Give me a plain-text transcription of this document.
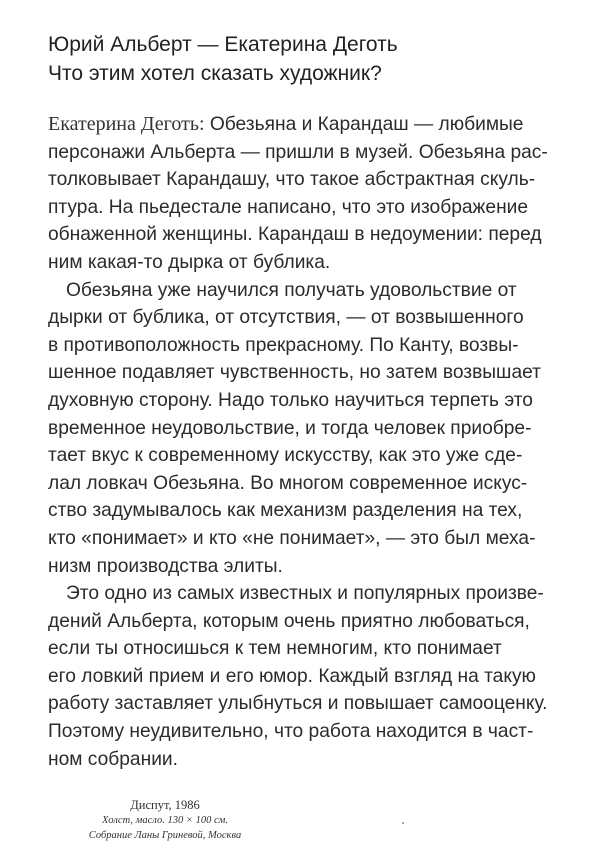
Юрий Альберт — Екатерина Деготь
Что этим хотел сказать художник?
Екатерина Деготь: Обезьяна и Карандаш — любимые
персонажи Альберта — пришли в музей. Обезьяна рас-
толковывает Карандашу, что такое абстрактная скуль-
птура. На пьедестале написано, что это изображение
обнаженной женщины. Карандаш в недоумении: перед
ним какая-то дырка от бублика.
Обезьяна уже научился получать удовольствие от
дырки от бублика, от отсутствия, — от возвышенного
в противоположность прекрасному. По Канту, возвы-
шенное подавляет чувственность, но затем возвышает
духовную сторону. Надо только научиться терпеть это
временное неудовольствие, и тогда человек приобре-
тает вкус к современному искусству, как это уже сде-
лал ловкач Обезьяна. Во многом современное искус-
ство задумывалось как механизм разделения на тех,
кто «понимает» и кто «не понимает», — это был меха-
низм производства элиты.
Это одно из самых известных и популярных произве-
дений Альберта, которым очень приятно любоваться,
если ты относишься к тем немногим, кто понимает
его ловкий прием и его юмор. Каждый взгляд на такую
работу заставляет улыбнуться и повышает самооценку.
Поэтому неудивительно, что работа находится в част-
ном собрании.
Диспут, 1986
Холст, масло. 130 × 100 см.
Собрание Ланы Гриневой, Москва
